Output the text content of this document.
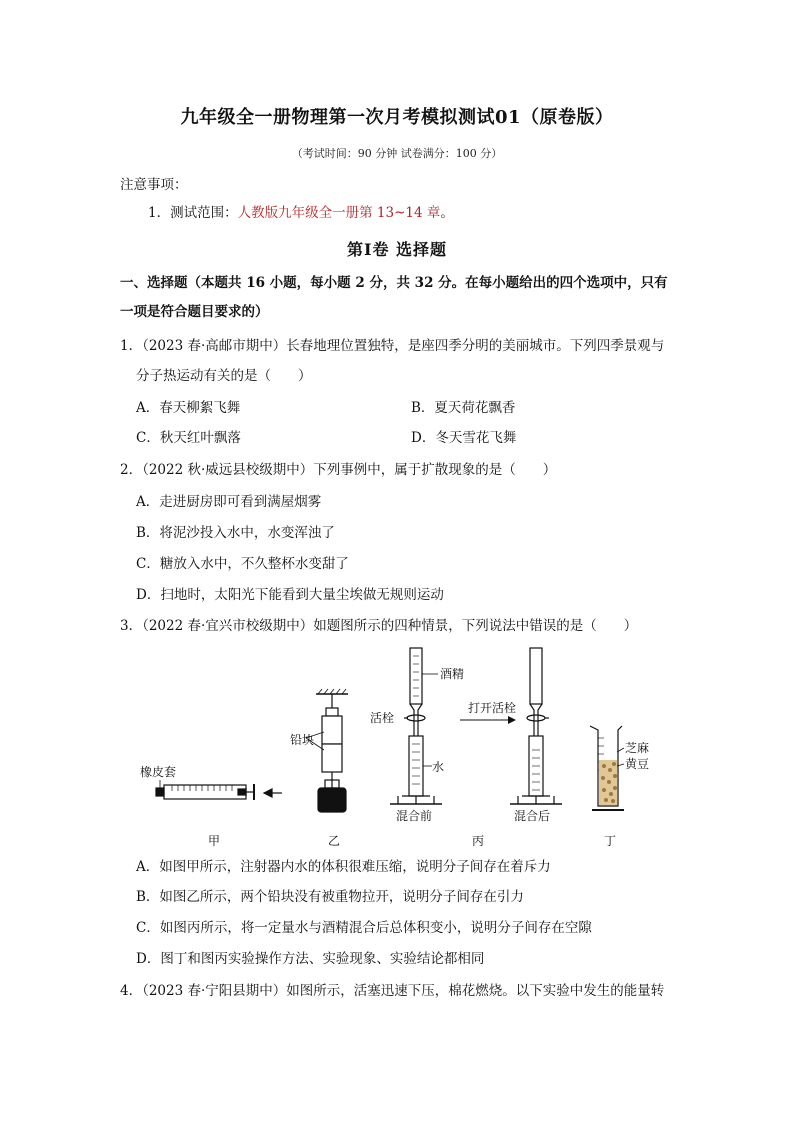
九年级全一册物理第一次月考模拟测试01（原卷版）
（考试时间：90 分钟 试卷满分：100 分）
注意事项：
1．测试范围：人教版九年级全一册第 13~14 章。
第Ⅰ卷 选择题
一、选择题（本题共 16 小题，每小题 2 分，共 32 分。在每小题给出的四个选项中，只有
一项是符合题目要求的）
1．（2023 春·高邮市期中）长春地理位置独特，是座四季分明的美丽城市。下列四季景观与
分子热运动有关的是（　　）
A．春天柳絮飞舞	B．夏天荷花飘香
C．秋天红叶飘落	D．冬天雪花飞舞
2．（2022 秋·威远县校级期中）下列事例中，属于扩散现象的是（　　）
A．走进厨房即可看到满屋烟雾
B．将泥沙投入水中，水变浑浊了
C．糖放入水中，不久整杯水变甜了
D．扫地时，太阳光下能看到大量尘埃做无规则运动
3．（2022 春·宜兴市校级期中）如题图所示的四种情景，下列说法中错误的是（　　）
橡皮套
铅块
酒精
活栓
水
混合前
打开活栓
混合后
芝麻
黄豆
甲	乙	丙	丁
A．如图甲所示，注射器内水的体积很难压缩，说明分子间存在着斥力
B．如图乙所示，两个铅块没有被重物拉开，说明分子间存在引力
C．如图丙所示，将一定量水与酒精混合后总体积变小，说明分子间存在空隙
D．图丁和图丙实验操作方法、实验现象、实验结论都相同
4．（2023 春·宁阳县期中）如图所示，活塞迅速下压，棉花燃烧。以下实验中发生的能量转
